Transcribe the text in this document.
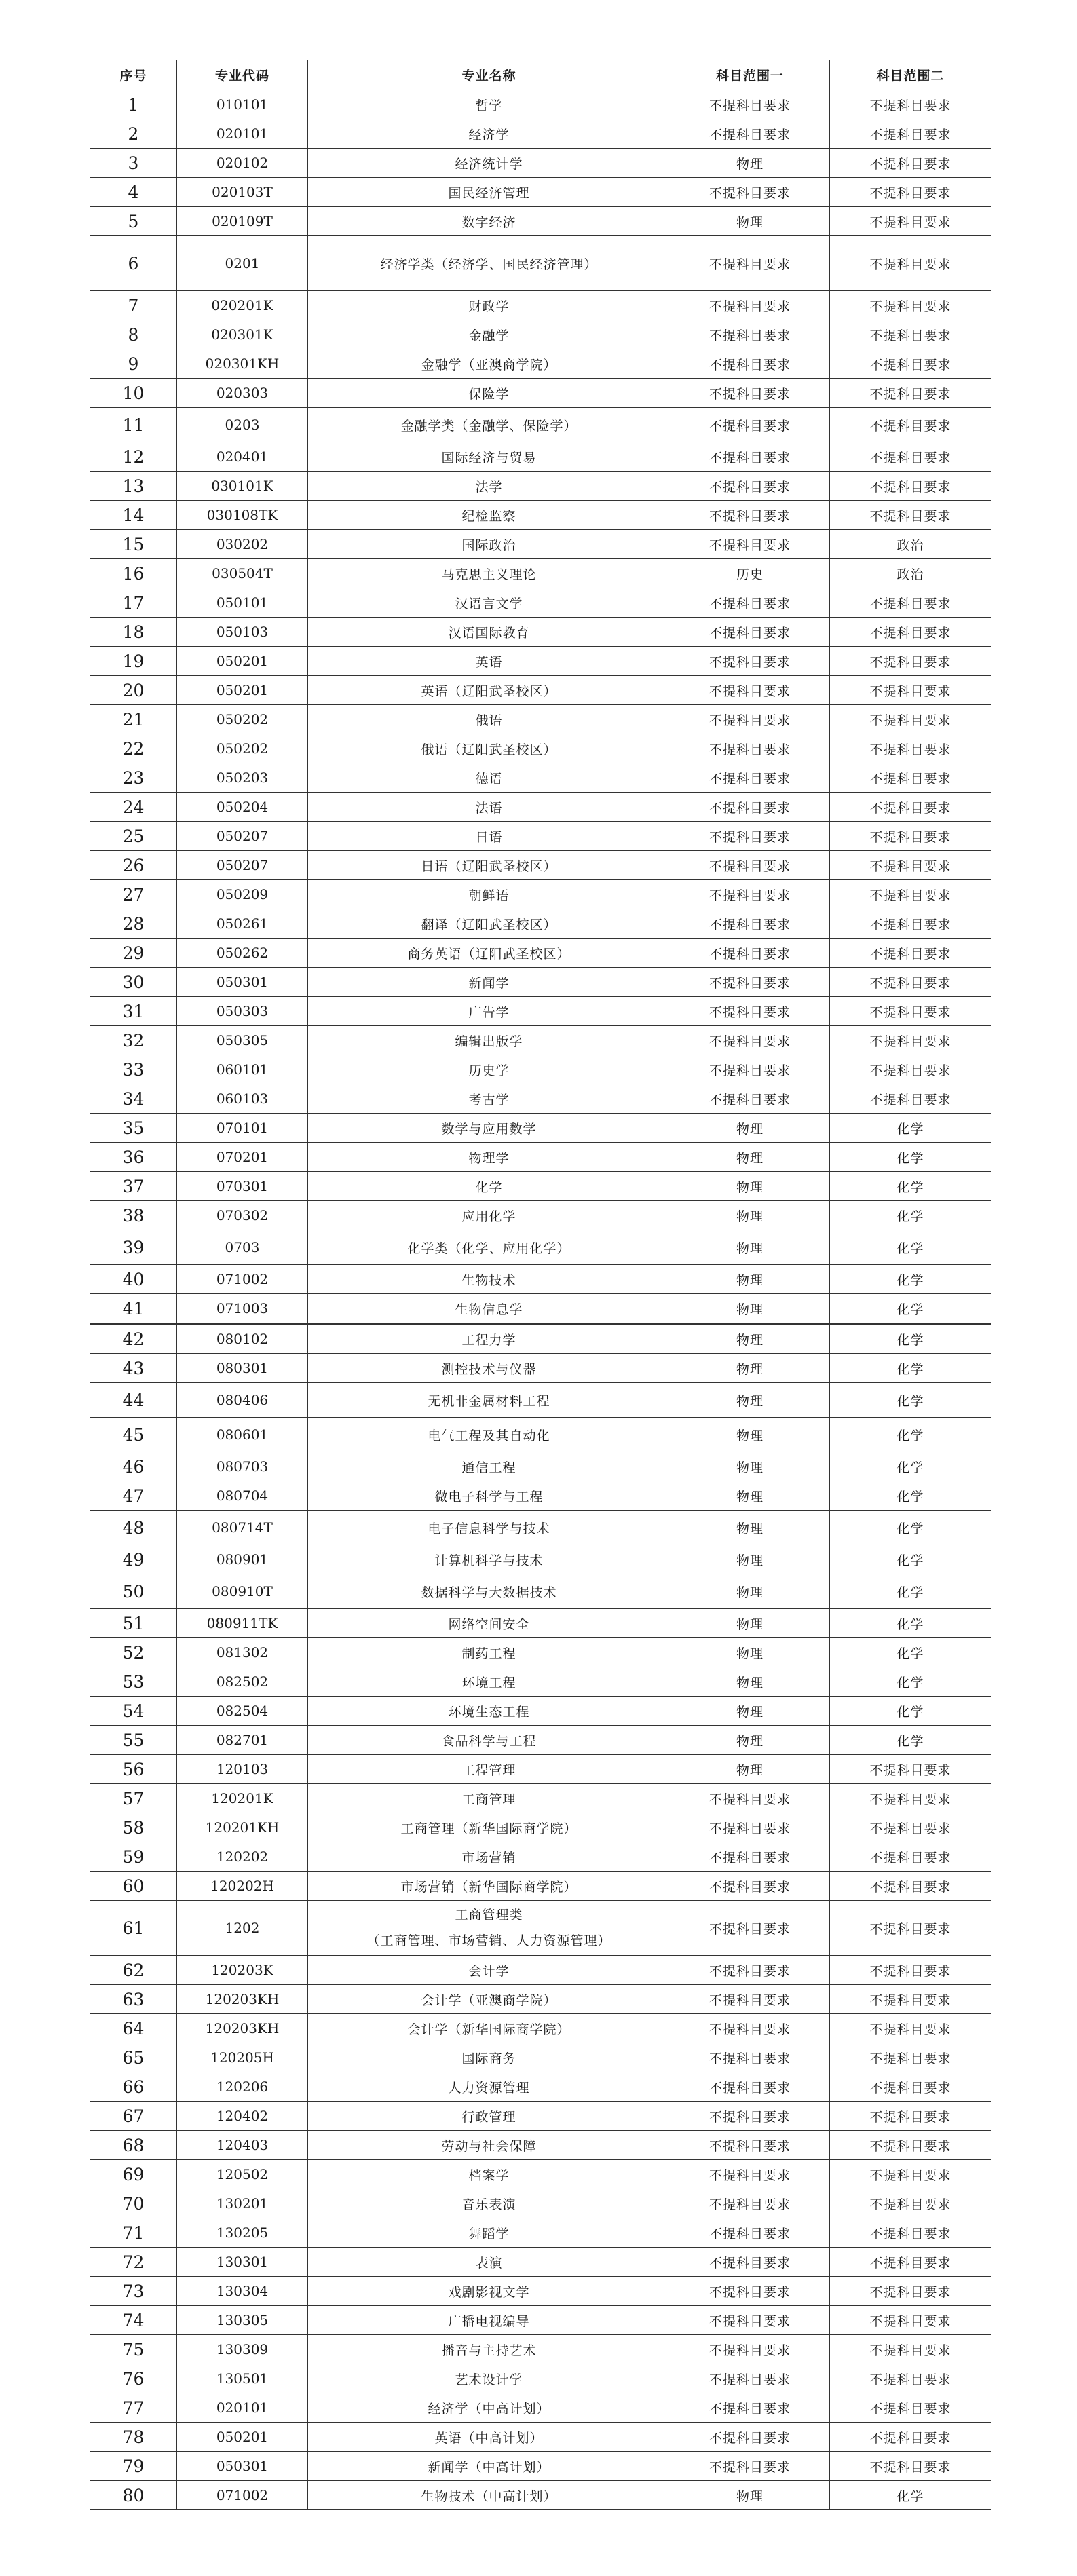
序号	专业代码	专业名称	科目范围一	科目范围二
1	010101	哲学	不提科目要求	不提科目要求
2	020101	经济学	不提科目要求	不提科目要求
3	020102	经济统计学	物理	不提科目要求
4	020103T	国民经济管理	不提科目要求	不提科目要求
5	020109T	数字经济	物理	不提科目要求
6	0201	经济学类（经济学、国民经济管理）	不提科目要求	不提科目要求
7	020201K	财政学	不提科目要求	不提科目要求
8	020301K	金融学	不提科目要求	不提科目要求
9	020301KH	金融学（亚澳商学院）	不提科目要求	不提科目要求
10	020303	保险学	不提科目要求	不提科目要求
11	0203	金融学类（金融学、保险学）	不提科目要求	不提科目要求
12	020401	国际经济与贸易	不提科目要求	不提科目要求
13	030101K	法学	不提科目要求	不提科目要求
14	030108TK	纪检监察	不提科目要求	不提科目要求
15	030202	国际政治	不提科目要求	政治
16	030504T	马克思主义理论	历史	政治
17	050101	汉语言文学	不提科目要求	不提科目要求
18	050103	汉语国际教育	不提科目要求	不提科目要求
19	050201	英语	不提科目要求	不提科目要求
20	050201	英语（辽阳武圣校区）	不提科目要求	不提科目要求
21	050202	俄语	不提科目要求	不提科目要求
22	050202	俄语（辽阳武圣校区）	不提科目要求	不提科目要求
23	050203	德语	不提科目要求	不提科目要求
24	050204	法语	不提科目要求	不提科目要求
25	050207	日语	不提科目要求	不提科目要求
26	050207	日语（辽阳武圣校区）	不提科目要求	不提科目要求
27	050209	朝鲜语	不提科目要求	不提科目要求
28	050261	翻译（辽阳武圣校区）	不提科目要求	不提科目要求
29	050262	商务英语（辽阳武圣校区）	不提科目要求	不提科目要求
30	050301	新闻学	不提科目要求	不提科目要求
31	050303	广告学	不提科目要求	不提科目要求
32	050305	编辑出版学	不提科目要求	不提科目要求
33	060101	历史学	不提科目要求	不提科目要求
34	060103	考古学	不提科目要求	不提科目要求
35	070101	数学与应用数学	物理	化学
36	070201	物理学	物理	化学
37	070301	化学	物理	化学
38	070302	应用化学	物理	化学
39	0703	化学类（化学、应用化学）	物理	化学
40	071002	生物技术	物理	化学
41	071003	生物信息学	物理	化学
42	080102	工程力学	物理	化学
43	080301	测控技术与仪器	物理	化学
44	080406	无机非金属材料工程	物理	化学
45	080601	电气工程及其自动化	物理	化学
46	080703	通信工程	物理	化学
47	080704	微电子科学与工程	物理	化学
48	080714T	电子信息科学与技术	物理	化学
49	080901	计算机科学与技术	物理	化学
50	080910T	数据科学与大数据技术	物理	化学
51	080911TK	网络空间安全	物理	化学
52	081302	制药工程	物理	化学
53	082502	环境工程	物理	化学
54	082504	环境生态工程	物理	化学
55	082701	食品科学与工程	物理	化学
56	120103	工程管理	物理	不提科目要求
57	120201K	工商管理	不提科目要求	不提科目要求
58	120201KH	工商管理（新华国际商学院）	不提科目要求	不提科目要求
59	120202	市场营销	不提科目要求	不提科目要求
60	120202H	市场营销（新华国际商学院）	不提科目要求	不提科目要求
61	1202	工商管理类
（工商管理、市场营销、人力资源管理）	不提科目要求	不提科目要求
62	120203K	会计学	不提科目要求	不提科目要求
63	120203KH	会计学（亚澳商学院）	不提科目要求	不提科目要求
64	120203KH	会计学（新华国际商学院）	不提科目要求	不提科目要求
65	120205H	国际商务	不提科目要求	不提科目要求
66	120206	人力资源管理	不提科目要求	不提科目要求
67	120402	行政管理	不提科目要求	不提科目要求
68	120403	劳动与社会保障	不提科目要求	不提科目要求
69	120502	档案学	不提科目要求	不提科目要求
70	130201	音乐表演	不提科目要求	不提科目要求
71	130205	舞蹈学	不提科目要求	不提科目要求
72	130301	表演	不提科目要求	不提科目要求
73	130304	戏剧影视文学	不提科目要求	不提科目要求
74	130305	广播电视编导	不提科目要求	不提科目要求
75	130309	播音与主持艺术	不提科目要求	不提科目要求
76	130501	艺术设计学	不提科目要求	不提科目要求
77	020101	经济学（中高计划）	不提科目要求	不提科目要求
78	050201	英语（中高计划）	不提科目要求	不提科目要求
79	050301	新闻学（中高计划）	不提科目要求	不提科目要求
80	071002	生物技术（中高计划）	物理	化学
